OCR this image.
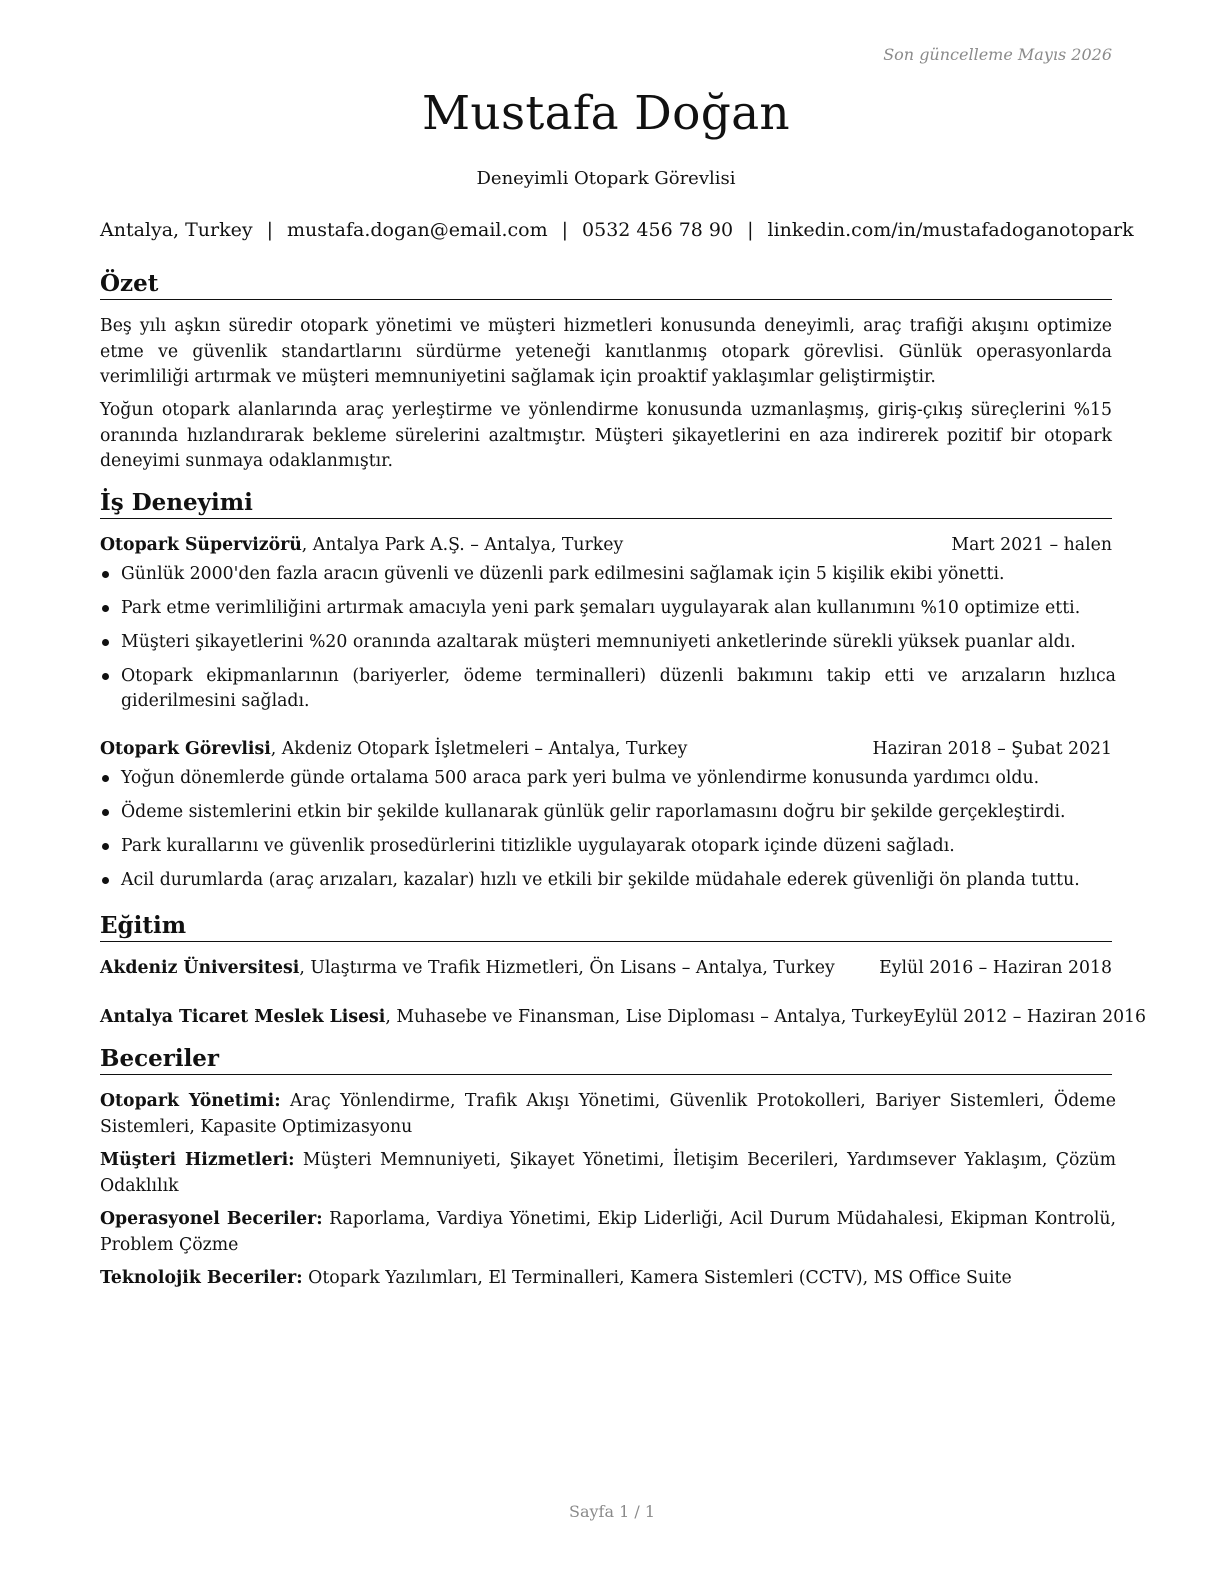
Son güncelleme Mayıs 2026
Mustafa Doğan
Deneyimli Otopark Görevlisi
Antalya, Turkey | mustafa.dogan@email.com | 0532 456 78 90 | linkedin.com/in/mustafadoganotopark
Özet
Beş yılı aşkın süredir otopark yönetimi ve müşteri hizmetleri konusunda deneyimli, araç trafiği akışını optimize etme ve güvenlik standartlarını sürdürme yeteneği kanıtlanmış otopark görevlisi. Günlük operasyonlarda verimliliği artırmak ve müşteri memnuniyetini sağlamak için proaktif yaklaşımlar geliştirmiştir.
Yoğun otopark alanlarında araç yerleştirme ve yönlendirme konusunda uzmanlaşmış, giriş-çıkış süreçlerini %15 oranında hızlandırarak bekleme sürelerini azaltmıştır. Müşteri şikayetlerini en aza indirerek pozitif bir otopark deneyimi sunmaya odaklanmıştır.
İş Deneyimi
Otopark Süpervizörü, Antalya Park A.Ş. – Antalya, Turkey	Mart 2021 – halen
Günlük 2000'den fazla aracın güvenli ve düzenli park edilmesini sağlamak için 5 kişilik ekibi yönetti.
Park etme verimliliğini artırmak amacıyla yeni park şemaları uygulayarak alan kullanımını %10 optimize etti.
Müşteri şikayetlerini %20 oranında azaltarak müşteri memnuniyeti anketlerinde sürekli yüksek puanlar aldı.
Otopark ekipmanlarının (bariyerler, ödeme terminalleri) düzenli bakımını takip etti ve arızaların hızlıca giderilmesini sağladı.
Otopark Görevlisi, Akdeniz Otopark İşletmeleri – Antalya, Turkey	Haziran 2018 – Şubat 2021
Yoğun dönemlerde günde ortalama 500 araca park yeri bulma ve yönlendirme konusunda yardımcı oldu.
Ödeme sistemlerini etkin bir şekilde kullanarak günlük gelir raporlamasını doğru bir şekilde gerçekleştirdi.
Park kurallarını ve güvenlik prosedürlerini titizlikle uygulayarak otopark içinde düzeni sağladı.
Acil durumlarda (araç arızaları, kazalar) hızlı ve etkili bir şekilde müdahale ederek güvenliği ön planda tuttu.
Eğitim
Akdeniz Üniversitesi, Ulaştırma ve Trafik Hizmetleri, Ön Lisans – Antalya, Turkey	Eylül 2016 – Haziran 2018
Antalya Ticaret Meslek Lisesi, Muhasebe ve Finansman, Lise Diploması – Antalya, Turkey Eylül 2012 – Haziran 2016
Beceriler
Otopark Yönetimi: Araç Yönlendirme, Trafik Akışı Yönetimi, Güvenlik Protokolleri, Bariyer Sistemleri, Ödeme Sistemleri, Kapasite Optimizasyonu
Müşteri Hizmetleri: Müşteri Memnuniyeti, Şikayet Yönetimi, İletişim Becerileri, Yardımsever Yaklaşım, Çözüm Odaklılık
Operasyonel Beceriler: Raporlama, Vardiya Yönetimi, Ekip Liderliği, Acil Durum Müdahalesi, Ekipman Kontrolü, Problem Çözme
Teknolojik Beceriler: Otopark Yazılımları, El Terminalleri, Kamera Sistemleri (CCTV), MS Office Suite
Sayfa 1 / 1
